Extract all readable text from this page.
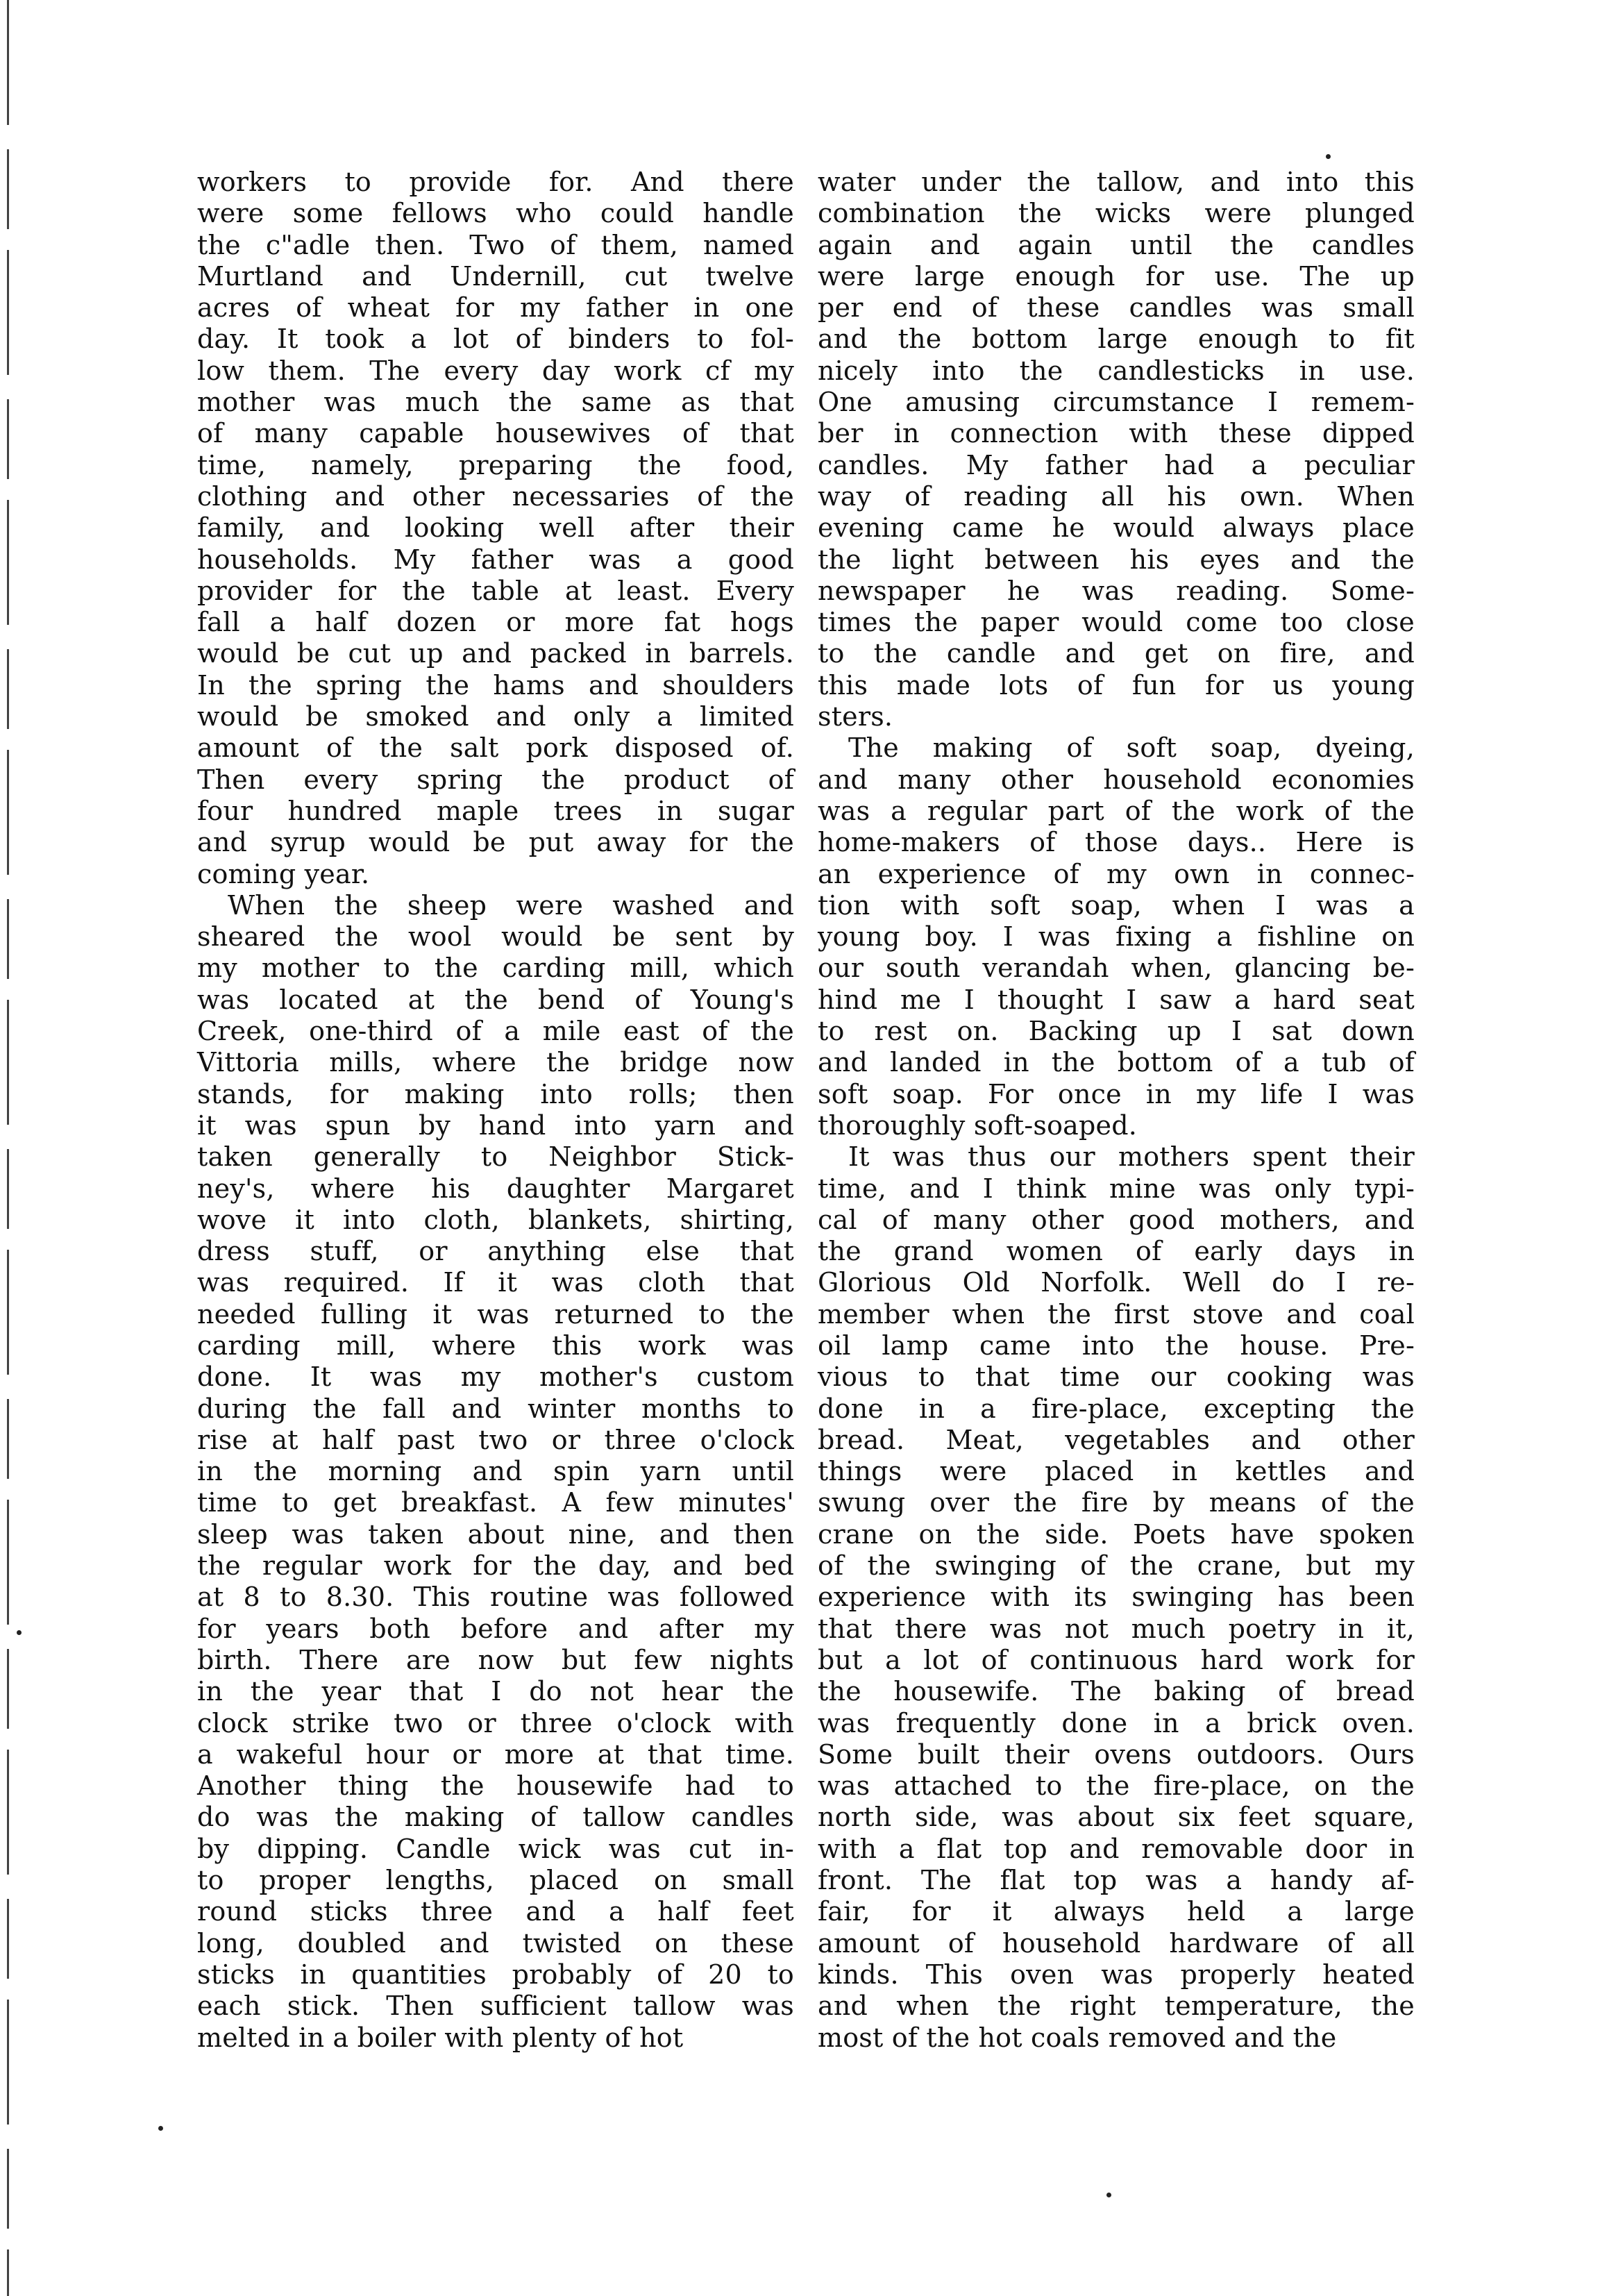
workers to provide for. And there
were some fellows who could handle
the c"adle then. Two of them, named
Murtland and Undernill, cut twelve
acres of wheat for my father in one
day. It took a lot of binders to fol-
low them. The every day work cf my
mother was much the same as that
of many capable housewives of that
time, namely, preparing the food,
clothing and other necessaries of the
family, and looking well after their
households. My father was a good
provider for the table at least. Every
fall a half dozen or more fat hogs
would be cut up and packed in barrels.
In the spring the hams and shoulders
would be smoked and only a limited
amount of the salt pork disposed of.
Then every spring the product of
four hundred maple trees in sugar
and syrup would be put away for the
coming year.
When the sheep were washed and
sheared the wool would be sent by
my mother to the carding mill, which
was located at the bend of Young's
Creek, one-third of a mile east of the
Vittoria mills, where the bridge now
stands, for making into rolls; then
it was spun by hand into yarn and
taken generally to Neighbor Stick-
ney's, where his daughter Margaret
wove it into cloth, blankets, shirting,
dress stuff, or anything else that
was required. If it was cloth that
needed fulling it was returned to the
carding mill, where this work was
done. It was my mother's custom
during the fall and winter months to
rise at half past two or three o'clock
in the morning and spin yarn until
time to get breakfast. A few minutes'
sleep was taken about nine, and then
the regular work for the day, and bed
at 8 to 8.30. This routine was followed
for years both before and after my
birth. There are now but few nights
in the year that I do not hear the
clock strike two or three o'clock with
a wakeful hour or more at that time.
Another thing the housewife had to
do was the making of tallow candles
by dipping. Candle wick was cut in-
to proper lengths, placed on small
round sticks three and a half feet
long, doubled and twisted on these
sticks in quantities probably of 20 to
each stick. Then sufficient tallow was
melted in a boiler with plenty of hot
water under the tallow, and into this
combination the wicks were plunged
again and again until the candles
were large enough for use. The up
per end of these candles was small
and the bottom large enough to fit
nicely into the candlesticks in use.
One amusing circumstance I remem-
ber in connection with these dipped
candles. My father had a peculiar
way of reading all his own. When
evening came he would always place
the light between his eyes and the
newspaper he was reading. Some-
times the paper would come too close
to the candle and get on fire, and
this made lots of fun for us young
sters.
The making of soft soap, dyeing,
and many other household economies
was a regular part of the work of the
home-makers of those days.. Here is
an experience of my own in connec-
tion with soft soap, when I was a
young boy. I was fixing a fishline on
our south verandah when, glancing be-
hind me I thought I saw a hard seat
to rest on. Backing up I sat down
and landed in the bottom of a tub of
soft soap. For once in my life I was
thoroughly soft-soaped.
It was thus our mothers spent their
time, and I think mine was only typi-
cal of many other good mothers, and
the grand women of early days in
Glorious Old Norfolk. Well do I re-
member when the first stove and coal
oil lamp came into the house. Pre-
vious to that time our cooking was
done in a fire-place, excepting the
bread. Meat, vegetables and other
things were placed in kettles and
swung over the fire by means of the
crane on the side. Poets have spoken
of the swinging of the crane, but my
experience with its swinging has been
that there was not much poetry in it,
but a lot of continuous hard work for
the housewife. The baking of bread
was frequently done in a brick oven.
Some built their ovens outdoors. Ours
was attached to the fire-place, on the
north side, was about six feet square,
with a flat top and removable door in
front. The flat top was a handy af-
fair, for it always held a large
amount of household hardware of all
kinds. This oven was properly heated
and when the right temperature, the
most of the hot coals removed and the
